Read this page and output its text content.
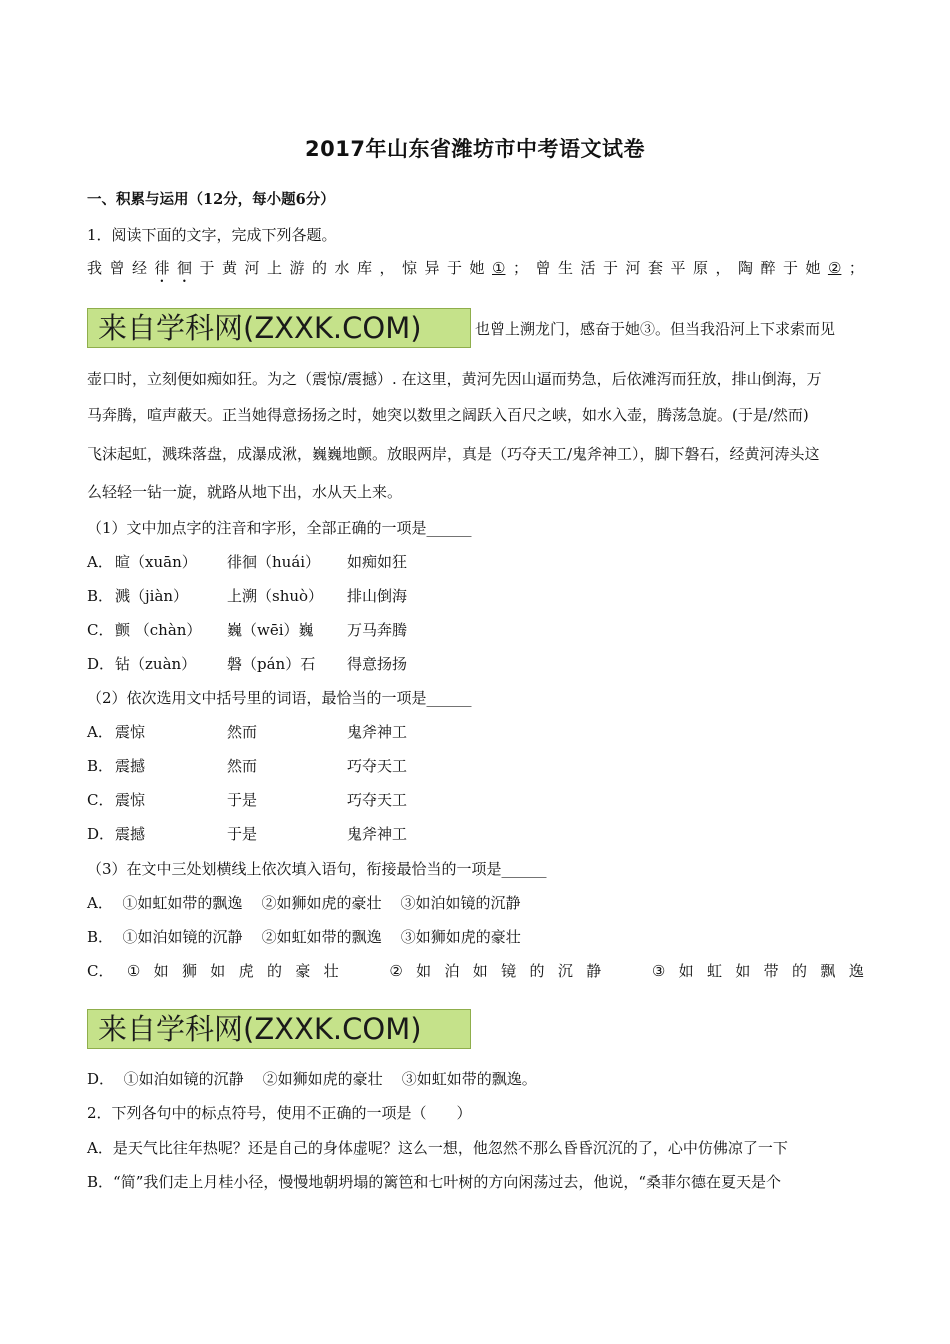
2017年山东省潍坊市中考语文试卷
一、积累与运用（12分，每小题6分）
1．阅读下面的文字，完成下列各题。
我 曾 经 徘 徊 于 黄 河 上 游 的 水 库 ， 惊 异 于 她 ① ； 曾 生 活 于 河 套 平 原 ， 陶 醉 于 她 ② ；
来自学科网(ZXXK.COM)	也曾上溯龙门，感奋于她③。但当我沿河上下求索而见
壶口时，立刻便如痴如狂。为之（震惊/震撼）. 在这里，黄河先因山逼而势急，后依滩泻而狂放，排山倒海，万
马奔腾，喧声蔽天。正当她得意扬扬之时，她突以数里之阔跃入百尺之峡，如水入壶，腾荡急旋。(于是/然而)
飞沫起虹，溅珠落盘，成瀑成湫，巍巍地颤。放眼两岸，真是（巧夺天工/鬼斧神工），脚下磐石，经黄河涛头这
么轻轻一钻一旋，就路从地下出，水从天上来。
（1）文中加点字的注音和字形，全部正确的一项是______
A． 暄（xuān） 徘徊（huái） 如痴如狂
B． 溅（jiàn）	上溯（shuò） 排山倒海
C． 颤 （chàn） 巍（wēi）巍 万马奔腾
D． 钻（zuàn） 磐（pán）石 得意扬扬
（2）依次选用文中括号里的词语，最恰当的一项是______
A． 震惊	然而	鬼斧神工
B． 震撼	然而	巧夺天工
C． 震惊	于是	巧夺天工
D． 震撼	于是	鬼斧神工
（3）在文中三处划横线上依次填入语句，衔接最恰当的一项是______
A．  ①如虹如带的飘逸    ②如狮如虎的豪壮    ③如泊如镜的沉静
B．  ①如泊如镜的沉静    ②如虹如带的飘逸    ③如狮如虎的豪壮
C． ① 如 狮 如 虎 的 豪 壮	② 如 泊 如 镜 的 沉 静	③ 如 虹 如 带 的 飘 逸
来自学科网(ZXXK.COM)
D．  ①如泊如镜的沉静    ②如狮如虎的豪壮    ③如虹如带的飘逸。
2．下列各句中的标点符号，使用不正确的一项是（　　）
A．是天气比往年热呢？还是自己的身体虚呢？这么一想，他忽然不那么昏昏沉沉的了，心中仿佛凉了一下
B．“简”我们走上月桂小径，慢慢地朝坍塌的篱笆和七叶树的方向闲荡过去，他说，“桑菲尔德在夏天是个
